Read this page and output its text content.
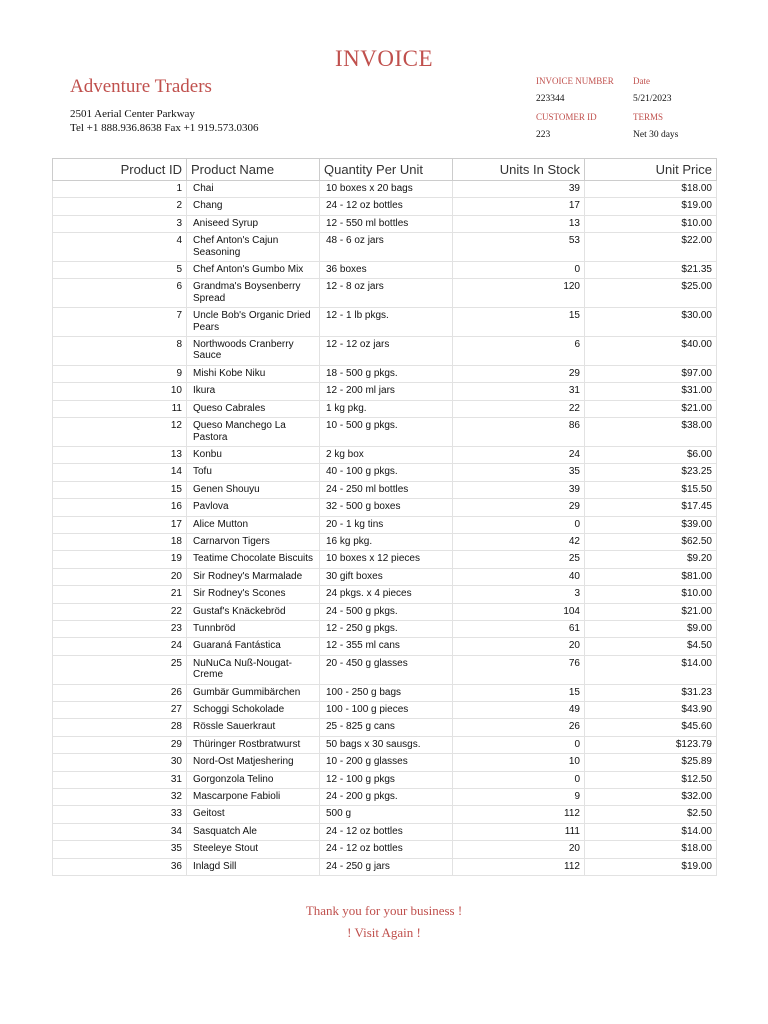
INVOICE
Adventure Traders
2501 Aerial Center Parkway
Tel +1 888.936.8638 Fax +1 919.573.0306
INVOICE NUMBER Date
223344	5/21/2023
CUSTOMER ID	TERMS
223	Net 30 days
Product ID	Product Name	Quantity Per Unit	Units In Stock	Unit Price
1	Chai	10 boxes x 20 bags	39	$18.00
2	Chang	24 - 12 oz bottles	17	$19.00
3	Aniseed Syrup	12 - 550 ml bottles	13	$10.00
4	Chef Anton's Cajun Seasoning	48 - 6 oz jars	53	$22.00
5	Chef Anton's Gumbo Mix	36 boxes	0	$21.35
6	Grandma's Boysenberry Spread	12 - 8 oz jars	120	$25.00
7	Uncle Bob's Organic Dried Pears	12 - 1 lb pkgs.	15	$30.00
8	Northwoods Cranberry Sauce	12 - 12 oz jars	6	$40.00
9	Mishi Kobe Niku	18 - 500 g pkgs.	29	$97.00
10	Ikura	12 - 200 ml jars	31	$31.00
11	Queso Cabrales	1 kg pkg.	22	$21.00
12	Queso Manchego La Pastora	10 - 500 g pkgs.	86	$38.00
13	Konbu	2 kg box	24	$6.00
14	Tofu	40 - 100 g pkgs.	35	$23.25
15	Genen Shouyu	24 - 250 ml bottles	39	$15.50
16	Pavlova	32 - 500 g boxes	29	$17.45
17	Alice Mutton	20 - 1 kg tins	0	$39.00
18	Carnarvon Tigers	16 kg pkg.	42	$62.50
19	Teatime Chocolate Biscuits	10 boxes x 12 pieces	25	$9.20
20	Sir Rodney's Marmalade	30 gift boxes	40	$81.00
21	Sir Rodney's Scones	24 pkgs. x 4 pieces	3	$10.00
22	Gustaf's Knäckebröd	24 - 500 g pkgs.	104	$21.00
23	Tunnbröd	12 - 250 g pkgs.	61	$9.00
24	Guaraná Fantástica	12 - 355 ml cans	20	$4.50
25	NuNuCa Nuß-Nougat-Creme	20 - 450 g glasses	76	$14.00
26	Gumbär Gummibärchen	100 - 250 g bags	15	$31.23
27	Schoggi Schokolade	100 - 100 g pieces	49	$43.90
28	Rössle Sauerkraut	25 - 825 g cans	26	$45.60
29	Thüringer Rostbratwurst	50 bags x 30 sausgs.	0	$123.79
30	Nord-Ost Matjeshering	10 - 200 g glasses	10	$25.89
31	Gorgonzola Telino	12 - 100 g pkgs	0	$12.50
32	Mascarpone Fabioli	24 - 200 g pkgs.	9	$32.00
33	Geitost	500 g	112	$2.50
34	Sasquatch Ale	24 - 12 oz bottles	111	$14.00
35	Steeleye Stout	24 - 12 oz bottles	20	$18.00
36	Inlagd Sill	24 - 250 g jars	112	$19.00
Thank you for your business !
! Visit Again !
